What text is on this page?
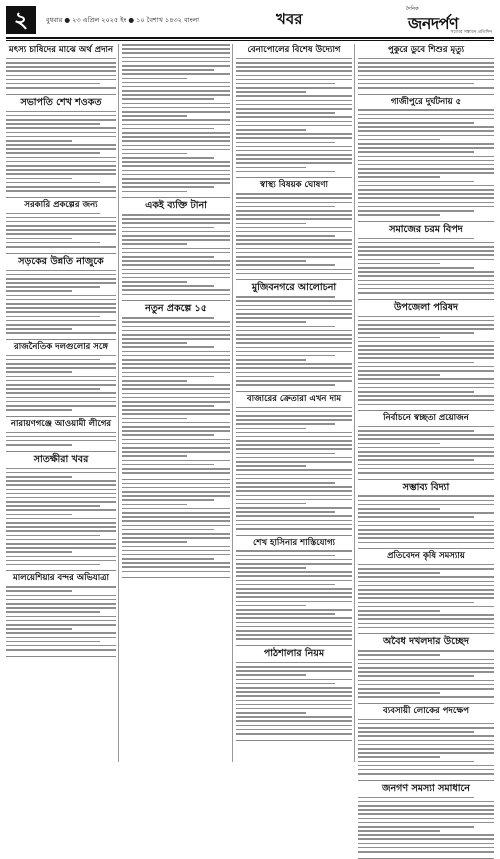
২	বুধবার ● ২৩ এপ্রিল ২০২৫ ইং ● ১০ বৈশাখ ১৪৩২ বাংলা	খবর
দৈনিক
জনদর্পণ
সত্যের সন্ধানে প্রতিদিন
মৎস্য চাষিদের মাঝে অর্থ প্রদান
সভাপতি শেখ শওকত
সরকারি প্রকল্পের জন্য
সড়কের উন্নতি নাজুকে
রাজনৈতিক দলগুলোর সঙ্গে
নারায়ণগঞ্জে আওয়ামী লীগের
সাতক্ষীরা খবর
মালয়েশিয়ার বন্দর অভিযাত্রা
একই ব্যক্তি টানা
নতুন প্রকল্পে ১৫
বেনাপোলের বিশেষ উদ্যোগ
স্বাস্থ্য বিষয়ক ঘোষণা
মুজিবনগরে আলোচনা
বাজারের ক্রেতারা এখন দাম
শেখ হাসিনার শাস্তিযোগ্য
পাঠশালার নিয়ম
পুকুরে ডুবে শিশুর মৃত্যু
গাজীপুরে দুর্ঘটনায় ৫
সমাজের চরম বিপদ
উপজেলা পরিষদ
নির্বাচনে স্বচ্ছতা প্রয়োজন
সম্ভাব্য বিদ্যা
প্রতিবেদন কৃষি সমস্যায়
অবৈধ দখলদার উচ্ছেদ
ব্যবসায়ী লোকের পদক্ষেপ
জনগণ সমস্যা সমাধানে
